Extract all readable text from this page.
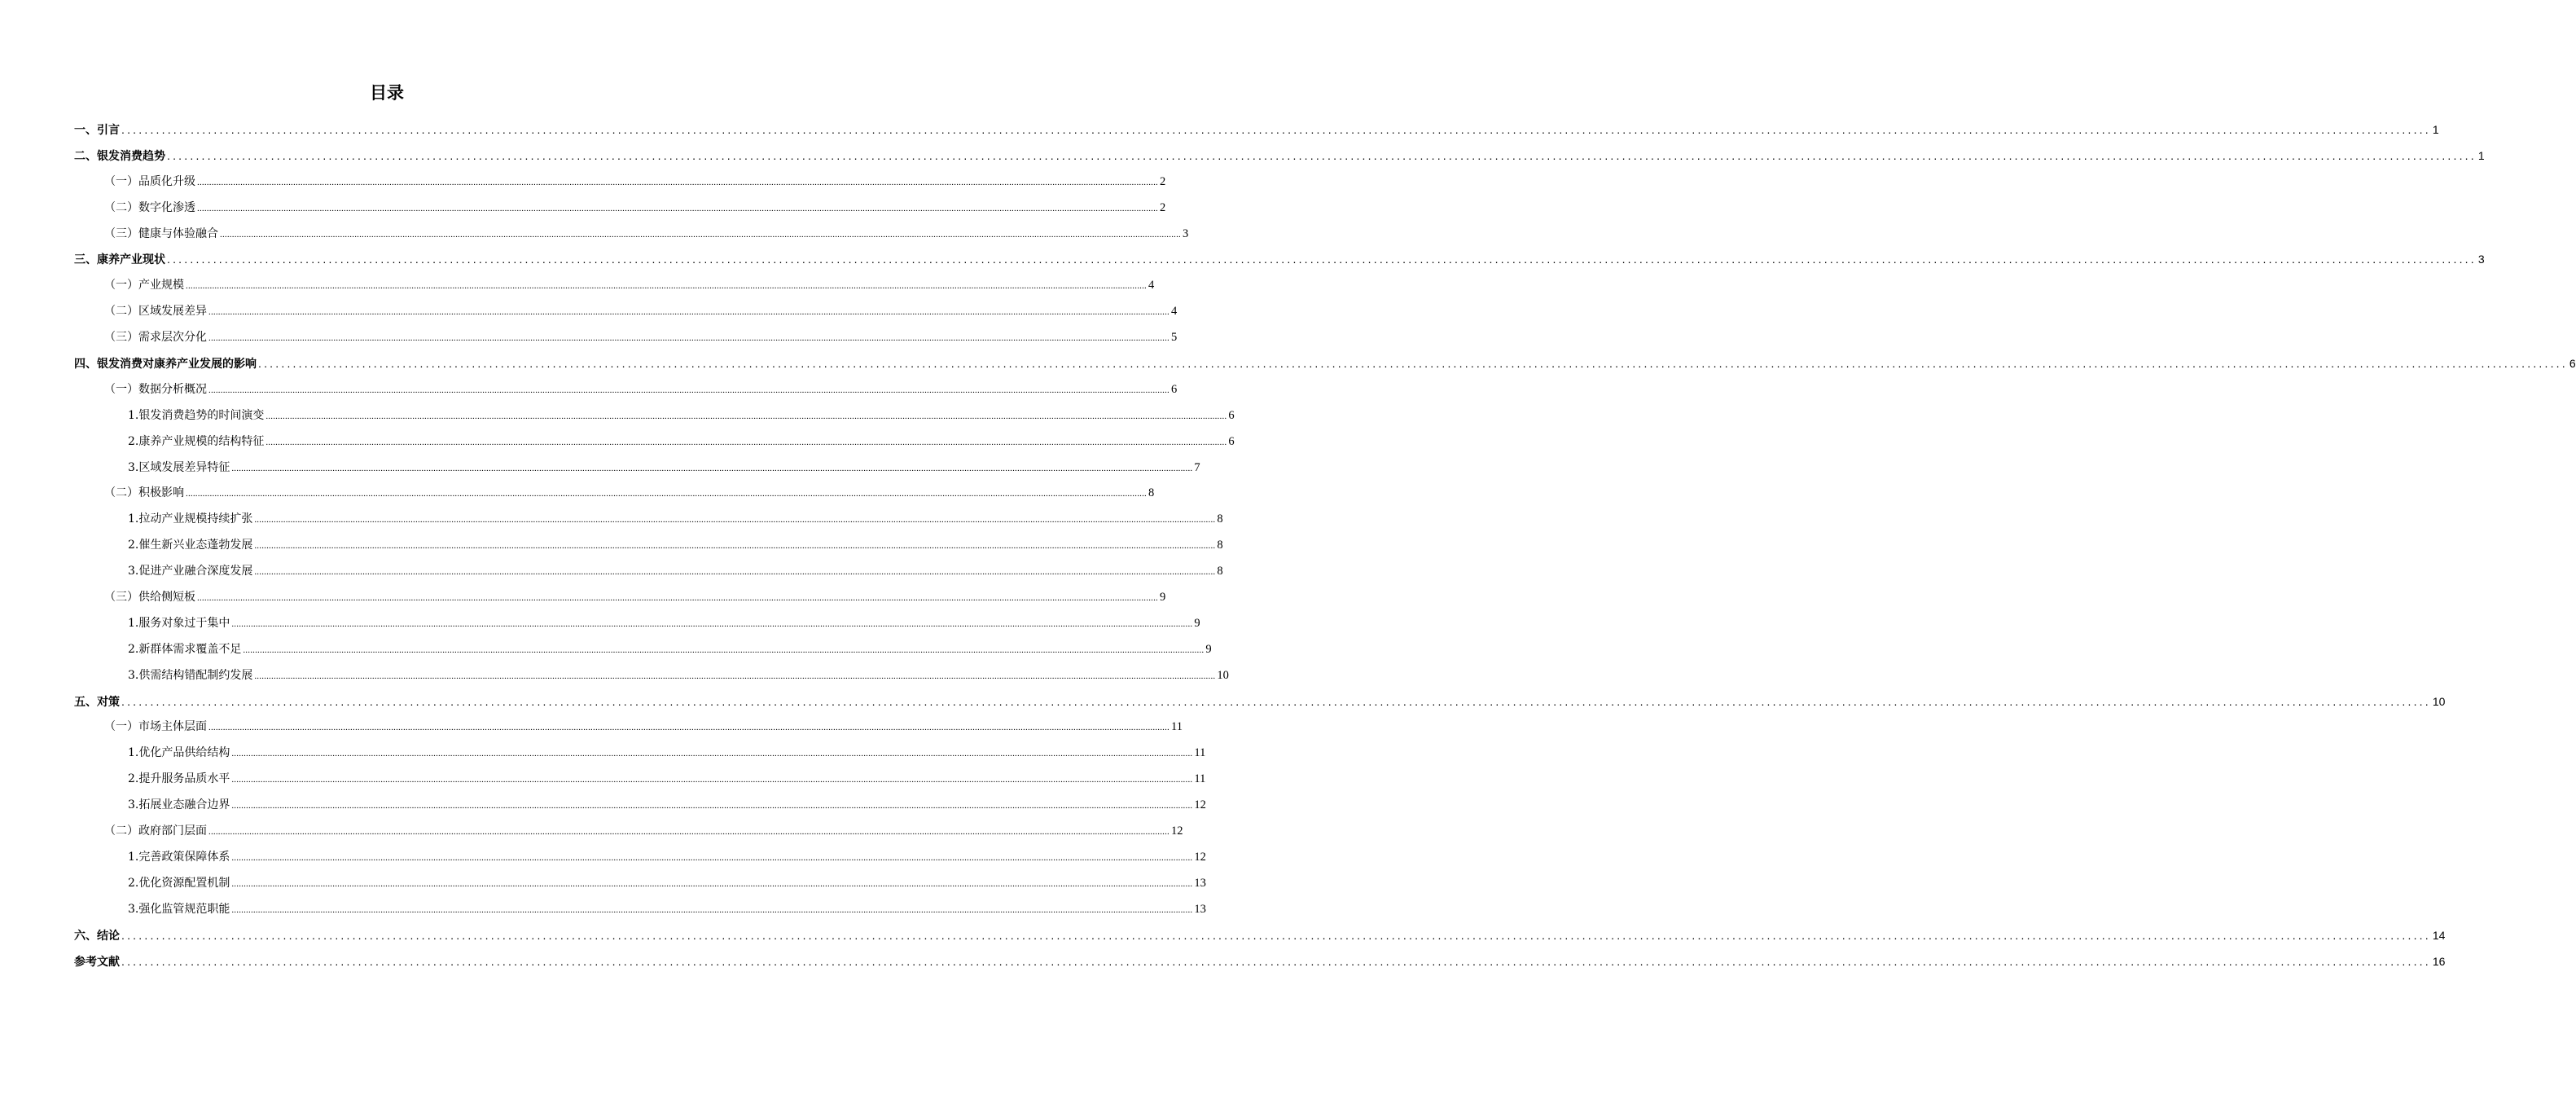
目录
一、引言 ................................................................................................................................................................................................................................................................................................................................................................................................................ 1
二、银发消费趋势 ................................................................................................................................................................................................................................................................................................................................................................................................................ 1
（一）品质化升级 ................................................................................................................................................................................................................................................................................................................................................................................................................ 2
（二）数字化渗透 ................................................................................................................................................................................................................................................................................................................................................................................................................ 2
（三）健康与体验融合 ................................................................................................................................................................................................................................................................................................................................................................................................................ 3
三、康养产业现状 ................................................................................................................................................................................................................................................................................................................................................................................................................ 3
（一）产业规模 ................................................................................................................................................................................................................................................................................................................................................................................................................ 4
（二）区域发展差异 ................................................................................................................................................................................................................................................................................................................................................................................................................ 4
（三）需求层次分化 ................................................................................................................................................................................................................................................................................................................................................................................................................ 5
四、银发消费对康养产业发展的影响 ................................................................................................................................................................................................................................................................................................................................................................................................................ 6
（一）数据分析概况 ................................................................................................................................................................................................................................................................................................................................................................................................................ 6
1.银发消费趋势的时间演变 ................................................................................................................................................................................................................................................................................................................................................................................................................ 6
2.康养产业规模的结构特征 ................................................................................................................................................................................................................................................................................................................................................................................................................ 6
3.区域发展差异特征 ................................................................................................................................................................................................................................................................................................................................................................................................................ 7
（二）积极影响 ................................................................................................................................................................................................................................................................................................................................................................................................................ 8
1.拉动产业规模持续扩张 ................................................................................................................................................................................................................................................................................................................................................................................................................ 8
2.催生新兴业态蓬勃发展 ................................................................................................................................................................................................................................................................................................................................................................................................................ 8
3.促进产业融合深度发展 ................................................................................................................................................................................................................................................................................................................................................................................................................ 8
（三）供给侧短板 ................................................................................................................................................................................................................................................................................................................................................................................................................ 9
1.服务对象过于集中 ................................................................................................................................................................................................................................................................................................................................................................................................................ 9
2.新群体需求覆盖不足 ................................................................................................................................................................................................................................................................................................................................................................................................................ 9
3.供需结构错配制约发展 ................................................................................................................................................................................................................................................................................................................................................................................................................ 10
五、对策 ................................................................................................................................................................................................................................................................................................................................................................................................................ 10
（一）市场主体层面 ................................................................................................................................................................................................................................................................................................................................................................................................................ 11
1.优化产品供给结构 ................................................................................................................................................................................................................................................................................................................................................................................................................ 11
2.提升服务品质水平 ................................................................................................................................................................................................................................................................................................................................................................................................................ 11
3.拓展业态融合边界 ................................................................................................................................................................................................................................................................................................................................................................................................................ 12
（二）政府部门层面 ................................................................................................................................................................................................................................................................................................................................................................................................................ 12
1.完善政策保障体系 ................................................................................................................................................................................................................................................................................................................................................................................................................ 12
2.优化资源配置机制 ................................................................................................................................................................................................................................................................................................................................................................................................................ 13
3.强化监管规范职能 ................................................................................................................................................................................................................................................................................................................................................................................................................ 13
六、结论 ................................................................................................................................................................................................................................................................................................................................................................................................................ 14
参考文献 ................................................................................................................................................................................................................................................................................................................................................................................................................ 16
